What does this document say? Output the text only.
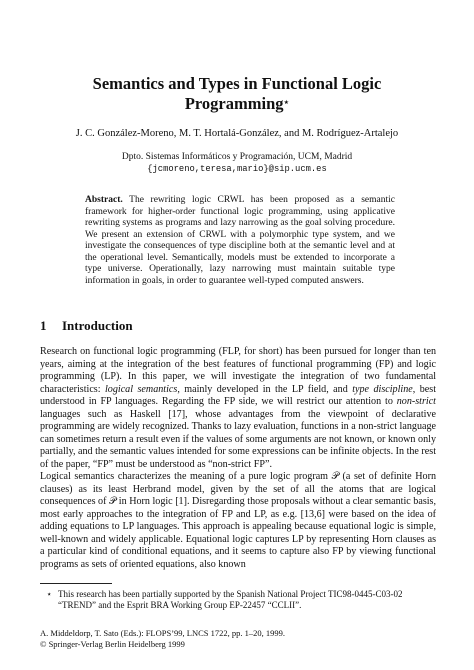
Semantics and Types in Functional Logic
Programming⋆
J. C. González-Moreno, M. T. Hortalá-González, and M. Rodríguez-Artalejo
Dpto. Sistemas Informáticos y Programación, UCM, Madrid
{jcmoreno,teresa,mario}@sip.ucm.es
Abstract. The rewriting logic CRWL has been proposed as a semantic framework for higher-order functional logic programming, using applicative rewriting systems as programs and lazy narrowing as the goal solving procedure. We present an extension of CRWL with a polymorphic type system, and we investigate the consequences of type discipline both at the semantic level and at the operational level. Semantically, models must be extended to incorporate a type universe. Operationally, lazy narrowing must maintain suitable type information in goals, in order to guarantee well-typed computed answers.
1 Introduction

Research on functional logic programming (FLP, for short) has been pursued for longer than ten years, aiming at the integration of the best features of functional programming (FP) and logic programming (LP). In this paper, we will investigate the integration of two fundamental characteristics: logical semantics, mainly developed in the LP field, and type discipline, best understood in FP languages. Regarding the FP side, we will restrict our attention to non-strict languages such as Haskell [17], whose advantages from the viewpoint of declarative programming are widely recognized. Thanks to lazy evaluation, functions in a non-strict language can sometimes return a result even if the values of some arguments are not known, or known only partially, and the semantic values intended for some expressions can be infinite objects. In the rest of the paper, “FP” must be understood as “non-strict FP”.

Logical semantics characterizes the meaning of a pure logic program 𝒫 (a set of definite Horn clauses) as its least Herbrand model, given by the set of all the atoms that are logical consequences of 𝒫 in Horn logic [1]. Disregarding those proposals without a clear semantic basis, most early approaches to the integration of FP and LP, as e.g. [13,6] were based on the idea of adding equations to LP languages. This approach is appealing because equational logic is simple, well-known and widely applicable. Equational logic captures LP by representing Horn clauses as a particular kind of conditional equations, and it seems to capture also FP by viewing functional programs as sets of oriented equations, also known

⋆ This research has been partially supported by the Spanish National Project TIC98-0445-C03-02 “TREND” and the Esprit BRA Working Group EP-22457 “CCLII”.
A. Middeldorp, T. Sato (Eds.): FLOPS’99, LNCS 1722, pp. 1–20, 1999.
© Springer-Verlag Berlin Heidelberg 1999
